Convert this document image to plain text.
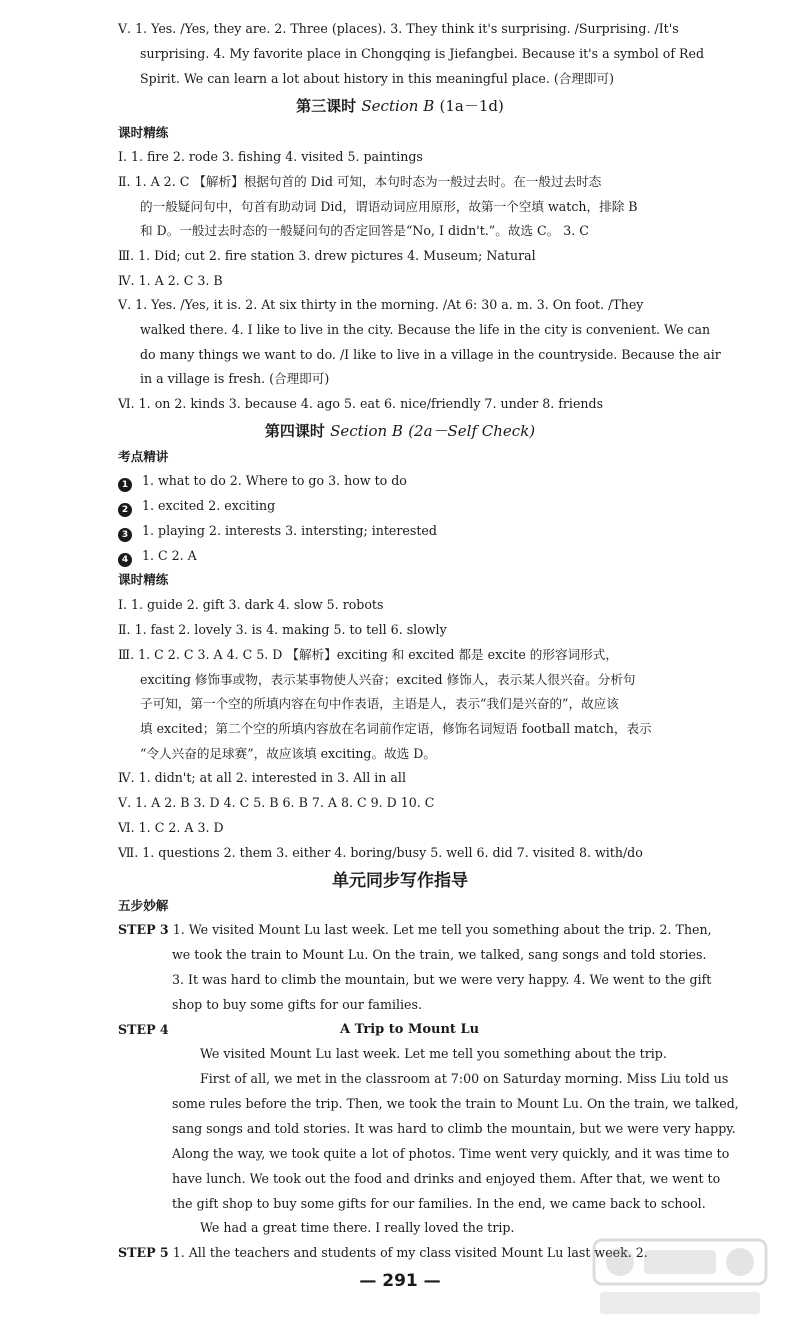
Ⅴ. 1. Yes. /Yes, they are. 2. Three (places). 3. They think it's surprising. /Surprising. /It's
surprising. 4. My favorite place in Chongqing is Jiefangbei. Because it's a symbol of Red
Spirit. We can learn a lot about history in this meaningful place. (合理即可)
第三课时 Section B (1a－1d)
课时精练
Ⅰ. 1. fire 2. rode 3. fishing 4. visited 5. paintings
Ⅱ. 1. A 2. C 【解析】根据句首的 Did 可知，本句时态为一般过去时。在一般过去时态
的一般疑问句中，句首有助动词 Did，谓语动词应用原形，故第一个空填 watch，排除 B
和 D。一般过去时态的一般疑问句的否定回答是“No, I didn't.”。故选 C。 3. C
Ⅲ. 1. Did; cut 2. fire station 3. drew pictures 4. Museum; Natural
Ⅳ. 1. A 2. C 3. B
Ⅴ. 1. Yes. /Yes, it is. 2. At six thirty in the morning. /At 6: 30 a. m. 3. On foot. /They
walked there. 4. I like to live in the city. Because the life in the city is convenient. We can
do many things we want to do. /I like to live in a village in the countryside. Because the air
in a village is fresh. (合理即可)
Ⅵ. 1. on 2. kinds 3. because 4. ago 5. eat 6. nice/friendly 7. under 8. friends
第四课时 Section B (2a－Self Check)
考点精讲
1 1. what to do 2. Where to go 3. how to do
2 1. excited 2. exciting
3 1. playing 2. interests 3. intersting; interested
4 1. C 2. A
课时精练
Ⅰ. 1. guide 2. gift 3. dark 4. slow 5. robots
Ⅱ. 1. fast 2. lovely 3. is 4. making 5. to tell 6. slowly
Ⅲ. 1. C 2. C 3. A 4. C 5. D 【解析】exciting 和 excited 都是 excite 的形容词形式，
exciting 修饰事或物，表示某事物使人兴奋；excited 修饰人，表示某人很兴奋。分析句
子可知，第一个空的所填内容在句中作表语，主语是人，表示“我们是兴奋的”，故应该
填 excited；第二个空的所填内容放在名词前作定语，修饰名词短语 football match，表示
“令人兴奋的足球赛”，故应该填 exciting。故选 D。
Ⅳ. 1. didn't; at all 2. interested in 3. All in all
Ⅴ. 1. A 2. B 3. D 4. C 5. B 6. B 7. A 8. C 9. D 10. C
Ⅵ. 1. C 2. A 3. D
Ⅶ. 1. questions 2. them 3. either 4. boring/busy 5. well 6. did 7. visited 8. with/do
单元同步写作指导
五步妙解
STEP 3 1. We visited Mount Lu last week. Let me tell you something about the trip. 2. Then,
we took the train to Mount Lu. On the train, we talked, sang songs and told stories.
3. It was hard to climb the mountain, but we were very happy. 4. We went to the gift
shop to buy some gifts for our families.
STEP 4	A Trip to Mount Lu
We visited Mount Lu last week. Let me tell you something about the trip.
First of all, we met in the classroom at 7:00 on Saturday morning. Miss Liu told us
some rules before the trip. Then, we took the train to Mount Lu. On the train, we talked,
sang songs and told stories. It was hard to climb the mountain, but we were very happy.
Along the way, we took quite a lot of photos. Time went very quickly, and it was time to
have lunch. We took out the food and drinks and enjoyed them. After that, we went to
the gift shop to buy some gifts for our families. In the end, we came back to school.
We had a great time there. I really loved the trip.
STEP 5 1. All the teachers and students of my class visited Mount Lu last week. 2.
— 291 —
